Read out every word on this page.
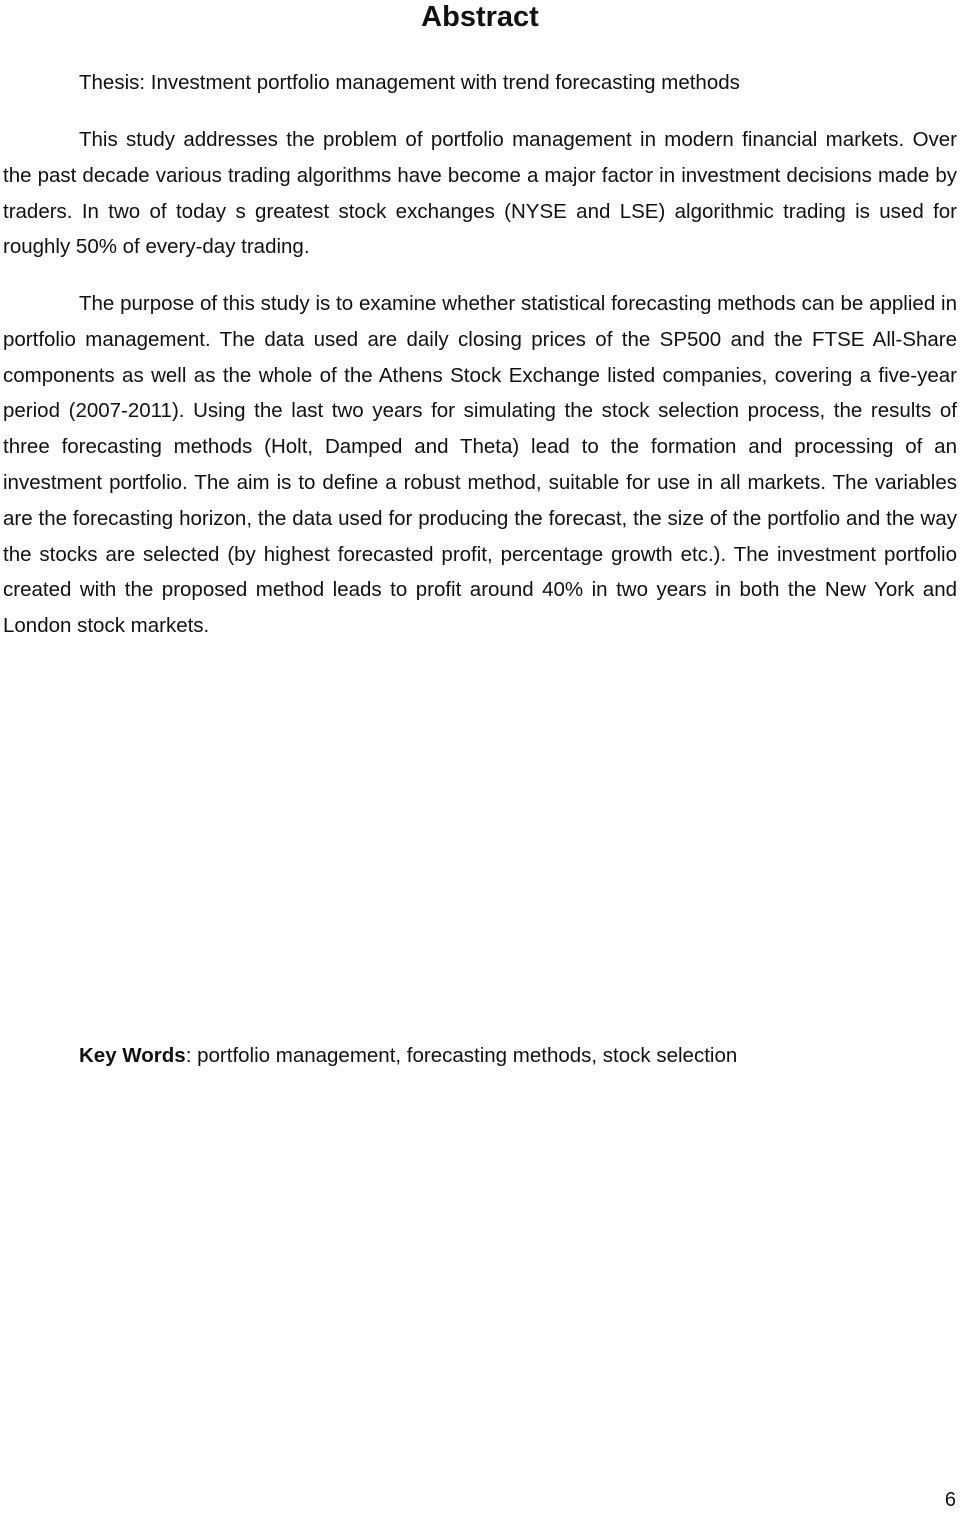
Abstract
Thesis: Investment portfolio management with trend forecasting methods

This study addresses the problem of portfolio management in modern financial markets. Over the past decade various trading algorithms have become a major factor in investment decisions made by traders. In two of today s greatest stock exchanges (NYSE and LSE) algorithmic trading is used for roughly 50% of every-day trading.

The purpose of this study is to examine whether statistical forecasting methods can be applied in portfolio management. The data used are daily closing prices of the SP500 and the FTSE All-Share components as well as the whole of the Athens Stock Exchange listed companies, covering a five-year period (2007-2011). Using the last two years for simulating the stock selection process, the results of three forecasting methods (Holt, Damped and Theta) lead to the formation and processing of an investment portfolio. The aim is to define a robust method, suitable for use in all markets. The variables are the forecasting horizon, the data used for producing the forecast, the size of the portfolio and the way the stocks are selected (by highest forecasted profit, percentage growth etc.). The investment portfolio created with the proposed method leads to profit around 40% in two years in both the New York and London stock markets.

Key Words: portfolio management, forecasting methods, stock selection
6
